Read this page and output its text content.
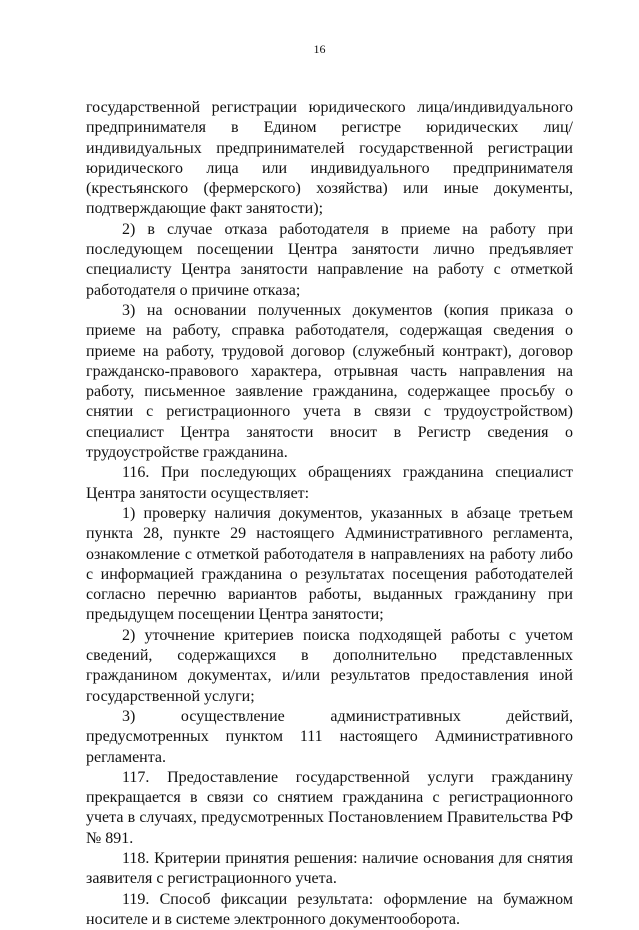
16

государственной регистрации юридического лица/индивидуального предпринимателя в Едином регистре юридических лиц/индивидуальных предпринимателей государственной регистрации юридического лица или индивидуального предпринимателя (крестьянского (фермерского) хозяйства) или иные документы, подтверждающие факт занятости);

2) в случае отказа работодателя в приеме на работу при последующем посещении Центра занятости лично предъявляет специалисту Центра занятости направление на работу с отметкой работодателя о причине отказа;

3) на основании полученных документов (копия приказа о приеме на работу, справка работодателя, содержащая сведения о приеме на работу, трудовой договор (служебный контракт), договор гражданско-правового характера, отрывная часть направления на работу, письменное заявление гражданина, содержащее просьбу о снятии с регистрационного учета в связи с трудоустройством) специалист Центра занятости вносит в Регистр сведения о трудоустройстве гражданина.

116. При последующих обращениях гражданина специалист Центра занятости осуществляет:

1) проверку наличия документов, указанных в абзаце третьем пункта 28, пункте 29 настоящего Административного регламента, ознакомление с отметкой работодателя в направлениях на работу либо с информацией гражданина о результатах посещения работодателей согласно перечню вариантов работы, выданных гражданину при предыдущем посещении Центра занятости;

2) уточнение критериев поиска подходящей работы с учетом сведений, содержащихся в дополнительно представленных гражданином документах, и/или результатов предоставления иной государственной услуги;

3) осуществление административных действий, предусмотренных пунктом 111 настоящего Административного регламента.

117. Предоставление государственной услуги гражданину прекращается в связи со снятием гражданина с регистрационного учета в случаях, предусмотренных Постановлением Правительства РФ № 891.

118. Критерии принятия решения: наличие основания для снятия заявителя с регистрационного учета.

119. Способ фиксации результата: оформление на бумажном носителе и в системе электронного документооборота.
